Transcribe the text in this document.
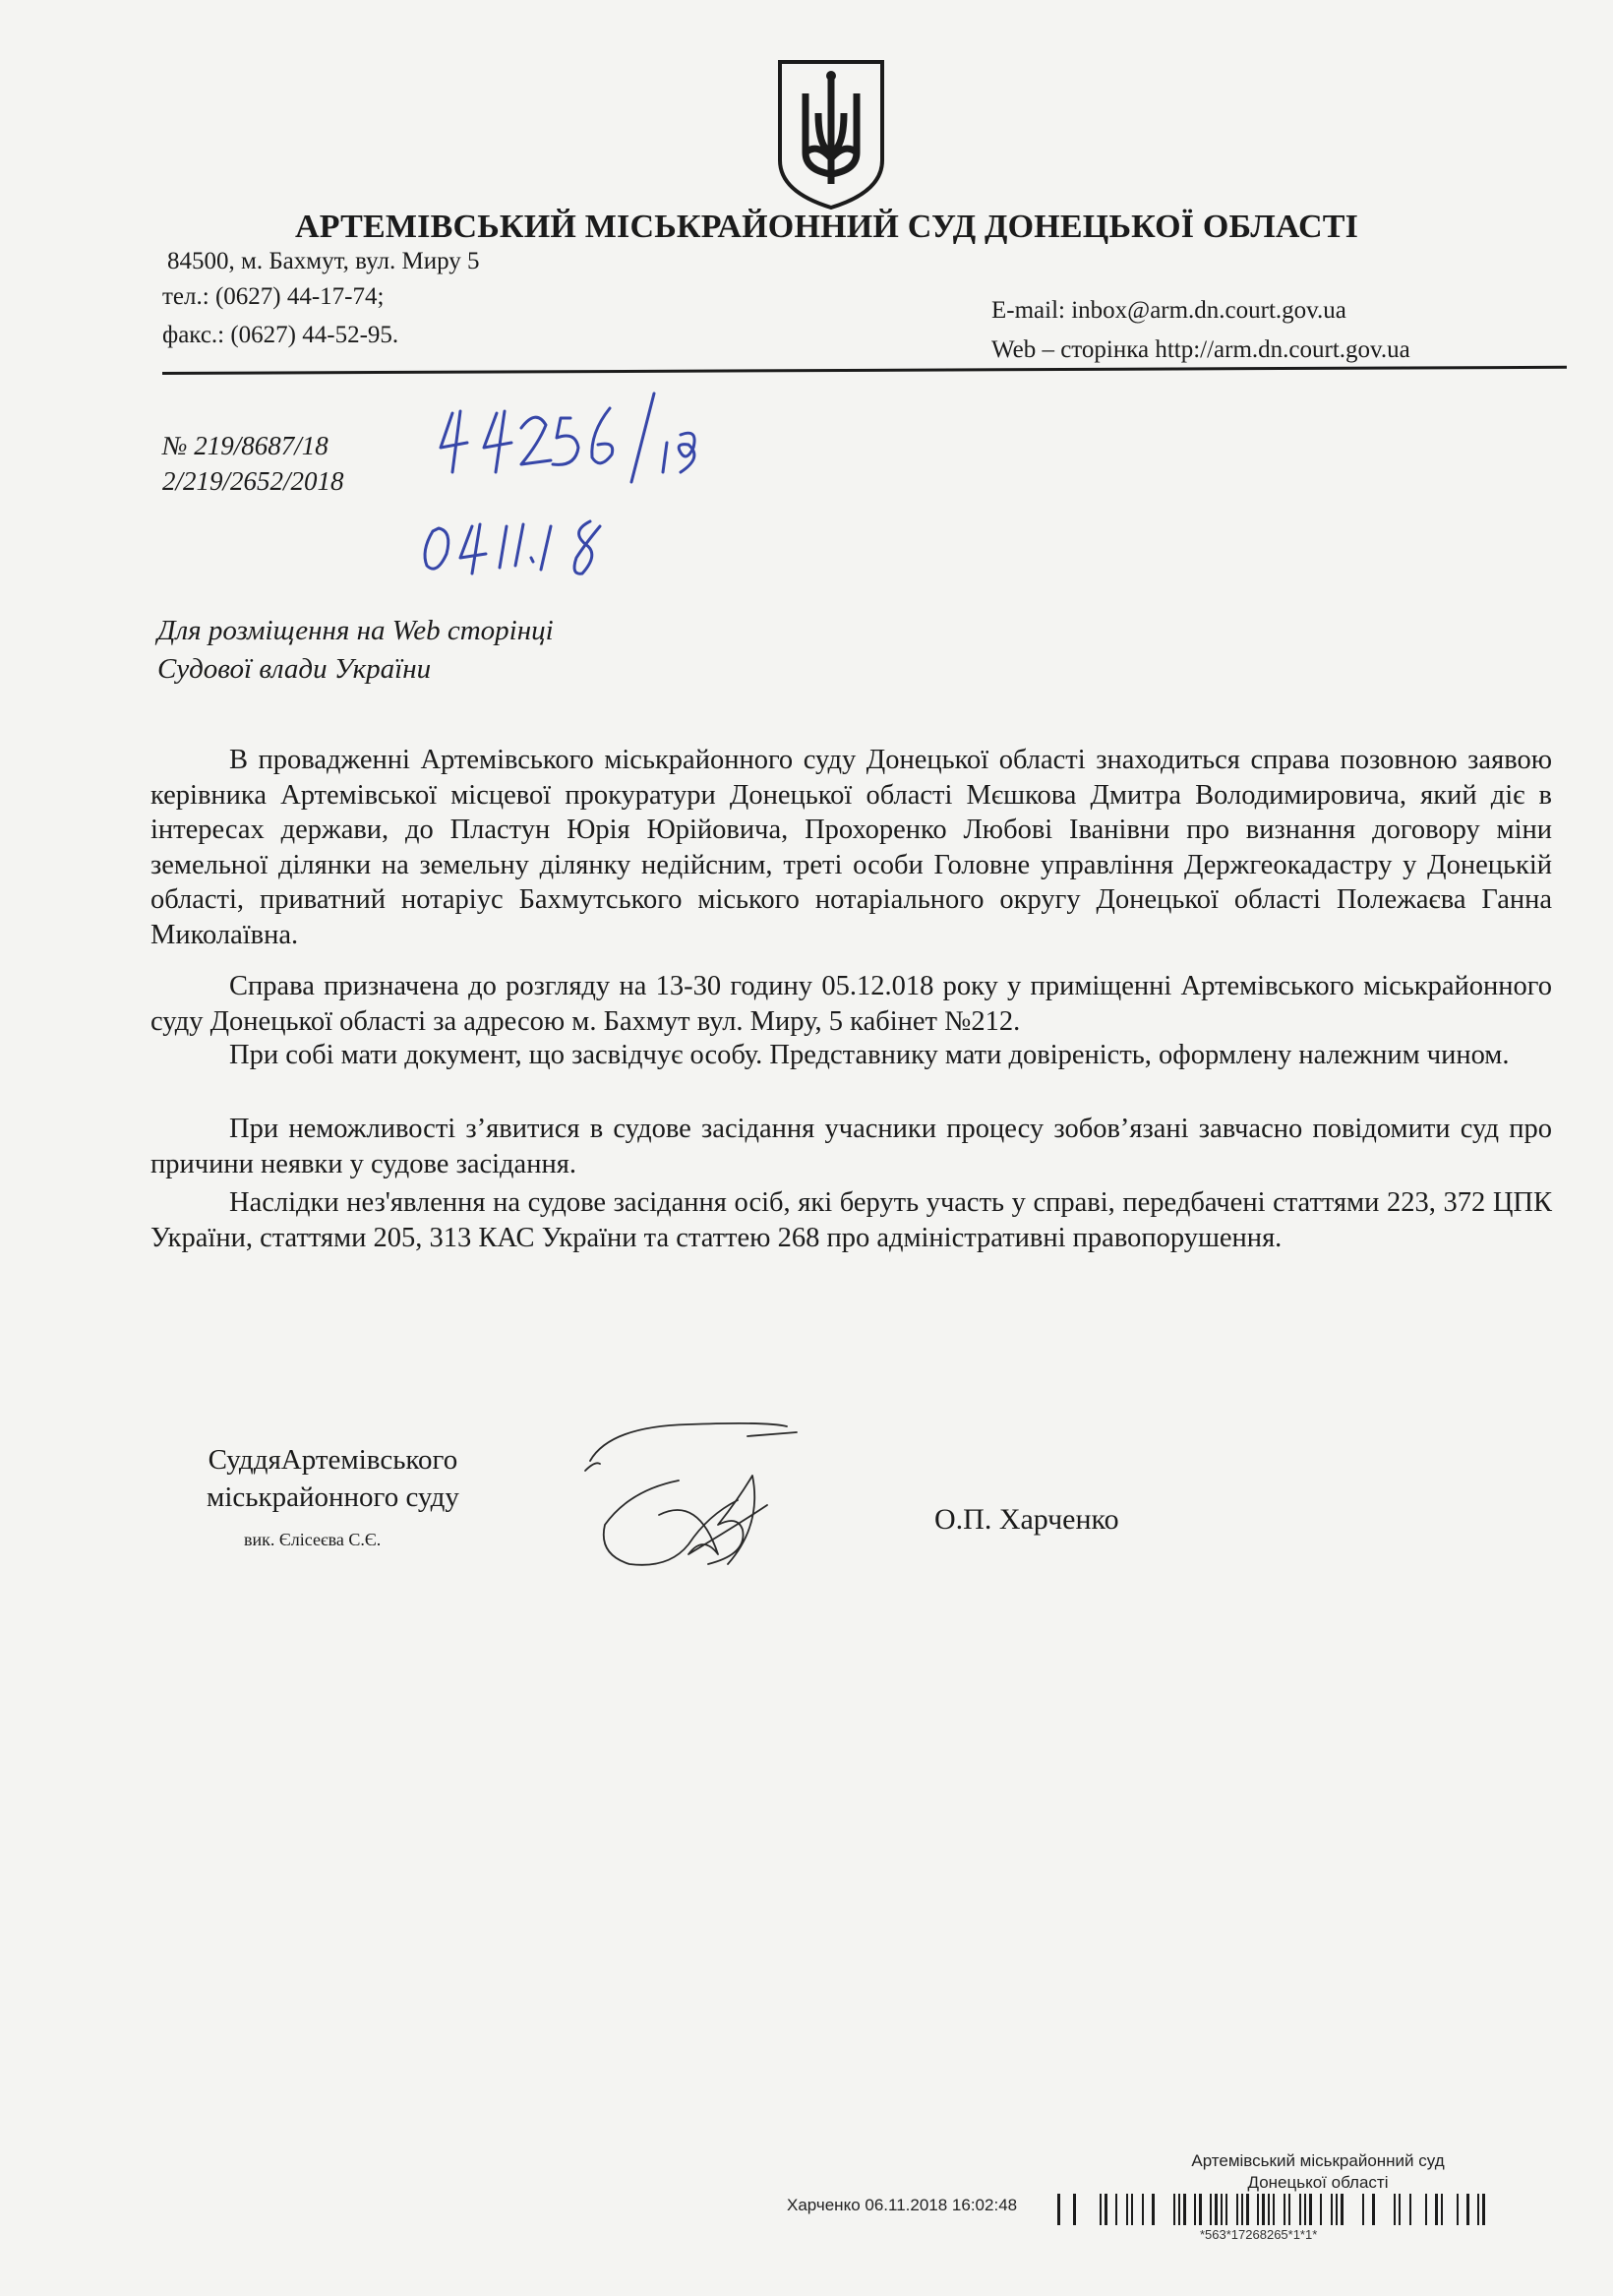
АРТЕМІВСЬКИЙ МІСЬКРАЙОННИЙ СУД ДОНЕЦЬКОЇ ОБЛАСТІ
84500, м. Бахмут, вул. Миру 5
тел.: (0627) 44-17-74;
факс.: (0627) 44-52-95.
E-mail: inbox@arm.dn.court.gov.ua
Web – сторінка http://arm.dn.court.gov.ua
№ 219/8687/18
2/219/2652/2018
Для розміщення на Web сторінці
Судової влади України
В провадженні Артемівського міськрайонного суду Донецької області знаходиться справа позовною заявою керівника Артемівської місцевої прокуратури Донецької області Мєшкова Дмитра Володимировича, який діє в інтересах держави, до Пластун Юрія Юрійовича, Прохоренко Любові Іванівни про визнання договору міни земельної ділянки на земельну ділянку недійсним, треті особи Головне управління Держгеокадастру у Донецькій області, приватний нотаріус Бахмутського міського нотаріального округу Донецької області Полежаєва Ганна Миколаївна.
Справа призначена до розгляду на 13-30 годину 05.12.018 року у приміщенні Артемівського міськрайонного суду Донецької області за адресою м. Бахмут вул. Миру, 5 кабінет №212.
При собі мати документ, що засвідчує особу. Представнику мати довіреність, оформлену належним чином.
При неможливості з’явитися в судове засідання учасники процесу зобов’язані завчасно повідомити суд про причини неявки у судове засідання.
Наслідки нез'явлення на судове засідання осіб, які беруть участь у справі, передбачені статтями 223, 372 ЦПК України, статтями 205, 313 КАС України та статтею 268 про адміністративні правопорушення.
СуддяАртемівського
міськрайонного суду
вик. Єлісеєва С.Є.
О.П. Харченко
Артемівський міськрайонний суд
Донецької області
Харченко 06.11.2018 16:02:48
*563*17268265*1*1*
